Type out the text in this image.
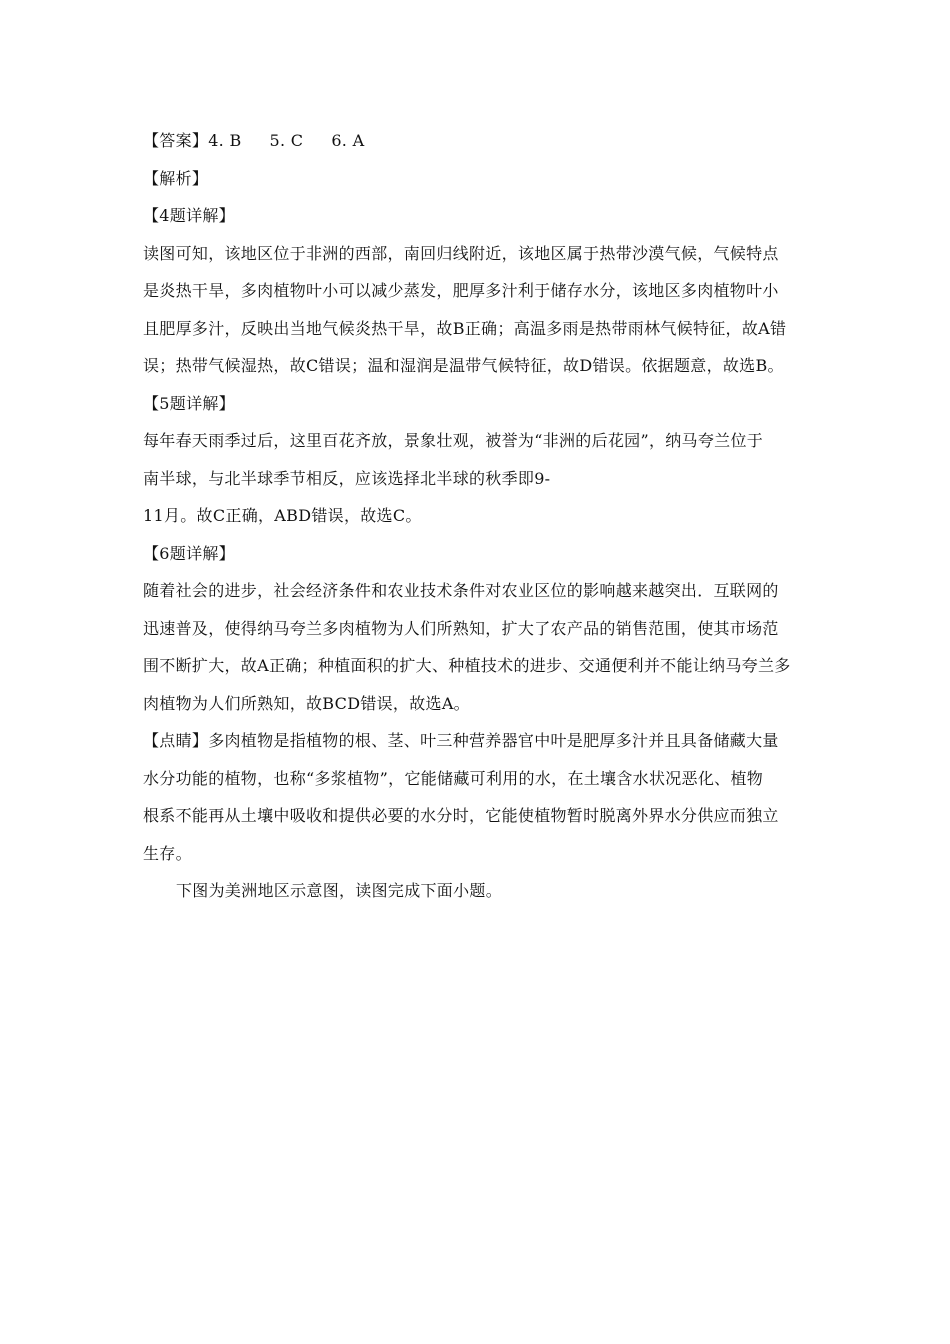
【答案】4. B 5. C 6. A
【解析】
【4题详解】
读图可知，该地区位于非洲的西部，南回归线附近，该地区属于热带沙漠气候，气候特点
是炎热干旱，多肉植物叶小可以减少蒸发，肥厚多汁利于储存水分，该地区多肉植物叶小
且肥厚多汁，反映出当地气候炎热干旱，故B正确；高温多雨是热带雨林气候特征，故A错
误；热带气候湿热，故C错误；温和湿润是温带气候特征，故D错误。依据题意，故选B。
【5题详解】
每年春天雨季过后，这里百花齐放，景象壮观，被誉为“非洲的后花园”，纳马夸兰位于
南半球，与北半球季节相反，应该选择北半球的秋季即9-
11月。故C正确，ABD错误，故选C。
【6题详解】
随着社会的进步，社会经济条件和农业技术条件对农业区位的影响越来越突出．互联网的
迅速普及，使得纳马夸兰多肉植物为人们所熟知，扩大了农产品的销售范围，使其市场范
围不断扩大，故A正确；种植面积的扩大、种植技术的进步、交通便利并不能让纳马夸兰多
肉植物为人们所熟知，故BCD错误，故选A。
【点睛】多肉植物是指植物的根、茎、叶三种营养器官中叶是肥厚多汁并且具备储藏大量
水分功能的植物，也称“多浆植物”，它能储藏可利用的水，在土壤含水状况恶化、植物
根系不能再从土壤中吸收和提供必要的水分时，它能使植物暂时脱离外界水分供应而独立
生存。
下图为美洲地区示意图，读图完成下面小题。
